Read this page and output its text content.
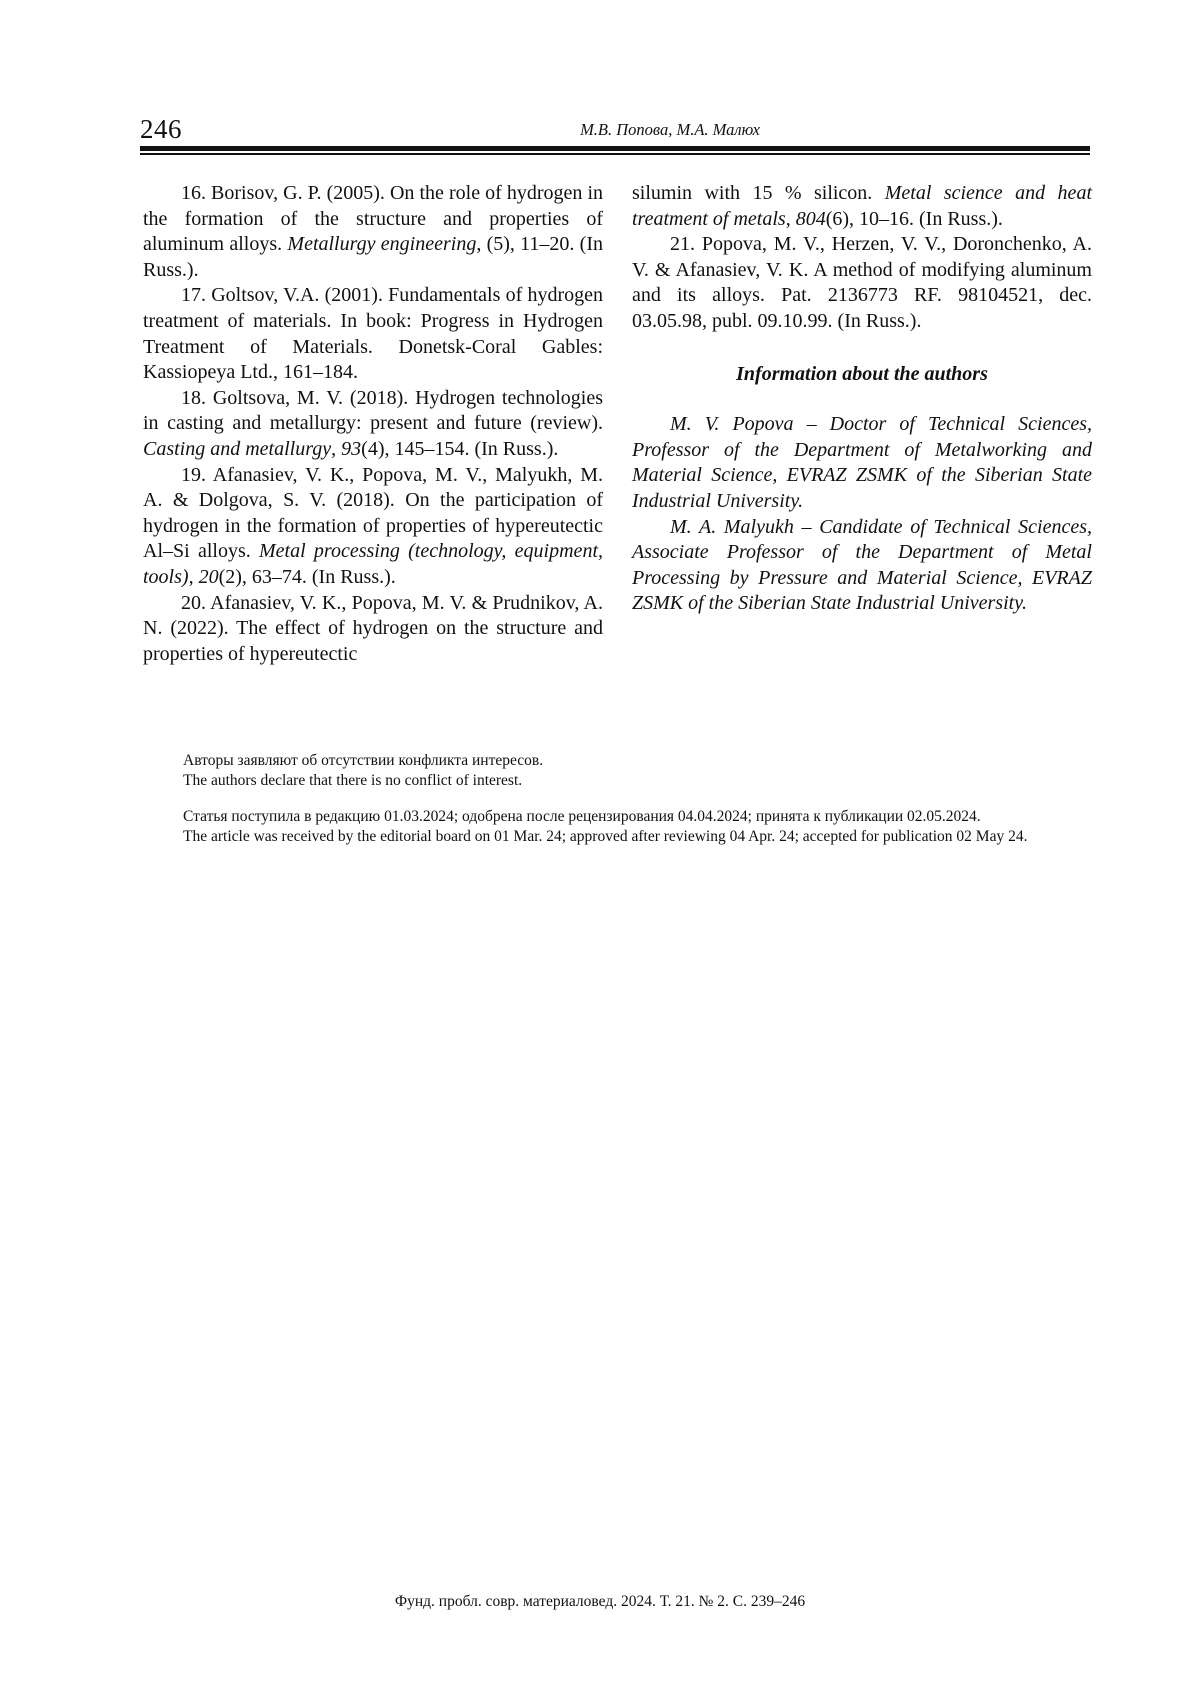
246	М.В. Попова, М.А. Малюх

16. Borisov, G. P. (2005). On the role of hydrogen in the formation of the structure and properties of aluminum alloys. Metallurgy engineering, (5), 11–20. (In Russ.).

17. Goltsov, V.A. (2001). Fundamentals of hydrogen treatment of materials. In book: Progress in Hydrogen Treatment of Materials. Donetsk-Coral Gables: Kassiopeya Ltd., 161–184.

18. Goltsova, M. V. (2018). Hydrogen technologies in casting and metallurgy: present and future (review). Casting and metallurgy, 93(4), 145–154. (In Russ.).

19. Afanasiev, V. K., Popova, M. V., Malyukh, M. A. & Dolgova, S. V. (2018). On the participation of hydrogen in the formation of properties of hypereutectic Al–Si alloys. Metal processing (technology, equipment, tools), 20(2), 63–74. (In Russ.).

20. Afanasiev, V. K., Popova, M. V. & Prudnikov, A. N. (2022). The effect of hydrogen on the structure and properties of hypereutectic

silumin with 15 % silicon. Metal science and heat treatment of metals, 804(6), 10–16. (In Russ.).

21. Popova, M. V., Herzen, V. V., Doronchenko, A. V. & Afanasiev, V. K. A method of modifying aluminum and its alloys. Pat. 2136773 RF. 98104521, dec. 03.05.98, publ. 09.10.99. (In Russ.).

Information about the authors

M. V. Popova – Doctor of Technical Sciences, Professor of the Department of Metalworking and Material Science, EVRAZ ZSMK of the Siberian State Industrial University.

M. A. Malyukh – Candidate of Technical Sciences, Associate Professor of the Department of Metal Processing by Pressure and Material Science, EVRAZ ZSMK of the Siberian State Industrial University.

Авторы заявляют об отсутствии конфликта интересов.
The authors declare that there is no conflict of interest.

Статья поступила в редакцию 01.03.2024; одобрена после рецензирования 04.04.2024; принята к публикации 02.05.2024.

The article was received by the editorial board on 01 Mar. 24; approved after reviewing 04 Apr. 24; accepted for publication 02 May 24.

Фунд. пробл. совр. материаловед. 2024. Т. 21. № 2. С. 239–246
